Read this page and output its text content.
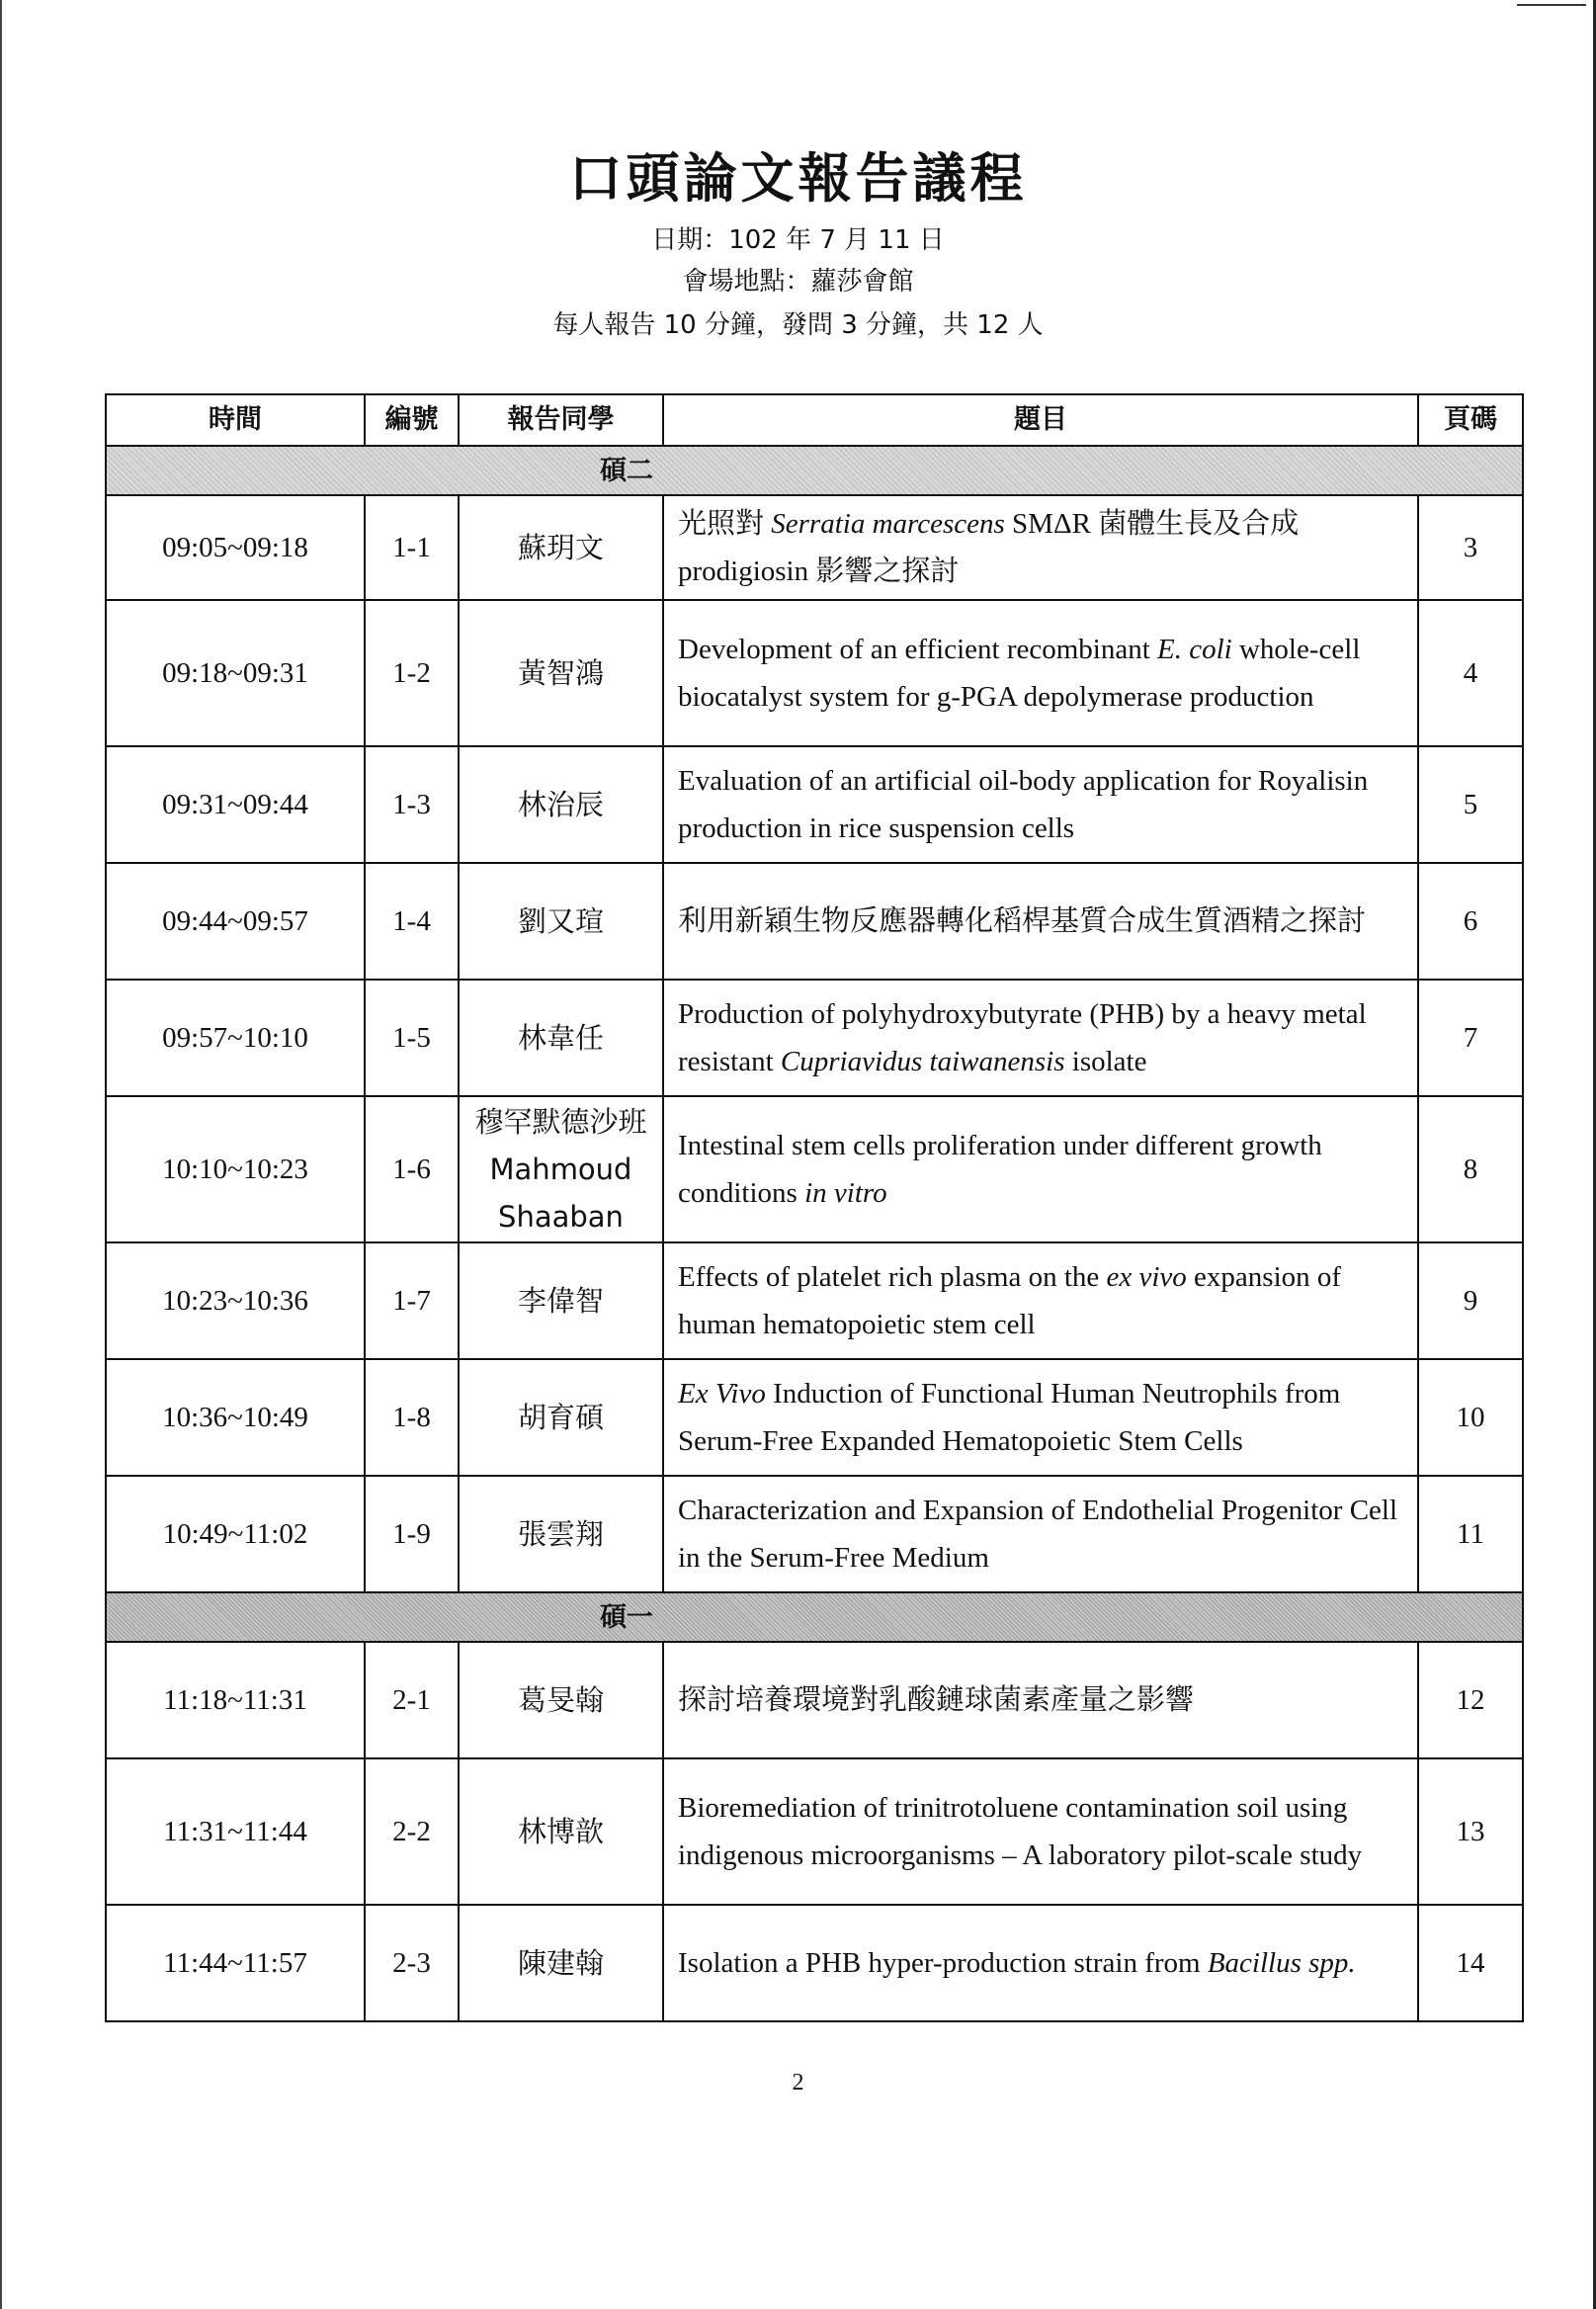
口頭論文報告議程
日期：102 年 7 月 11 日
會場地點：蘿莎會館
每人報告 10 分鐘，發問 3 分鐘，共 12 人
時間	編號	報告同學	題目	頁碼
碩二				
09:05~09:18	1-1	蘇玥文	光照對 Serratia marcescens SMΔR 菌體生長及合成 prodigiosin 影響之探討	3
09:18~09:31	1-2	黃智鴻	Development of an efficient recombinant E. coli whole-cell biocatalyst system for g-PGA depolymerase production	4
09:31~09:44	1-3	林治辰	Evaluation of an artificial oil-body application for Royalisin production in rice suspension cells	5
09:44~09:57	1-4	劉又瑄	利用新穎生物反應器轉化稻桿基質合成生質酒精之探討	6
09:57~10:10	1-5	林韋任	Production of polyhydroxybutyrate (PHB) by a heavy metal resistant Cupriavidus taiwanensis isolate	7
10:10~10:23	1-6	穆罕默德沙班 Mahmoud Shaaban	Intestinal stem cells proliferation under different growth conditions in vitro	8
10:23~10:36	1-7	李偉智	Effects of platelet rich plasma on the ex vivo expansion of human hematopoietic stem cell	9
10:36~10:49	1-8	胡育碩	Ex Vivo Induction of Functional Human Neutrophils from Serum-Free Expanded Hematopoietic Stem Cells	10
10:49~11:02	1-9	張雲翔	Characterization and Expansion of Endothelial Progenitor Cell in the Serum-Free Medium	11
碩一				
11:18~11:31	2-1	葛旻翰	探討培養環境對乳酸鏈球菌素產量之影響	12
11:31~11:44	2-2	林博歆	Bioremediation of trinitrotoluene contamination soil using indigenous microorganisms – A laboratory pilot-scale study	13
11:44~11:57	2-3	陳建翰	Isolation a PHB hyper-production strain from Bacillus spp.	14
2
